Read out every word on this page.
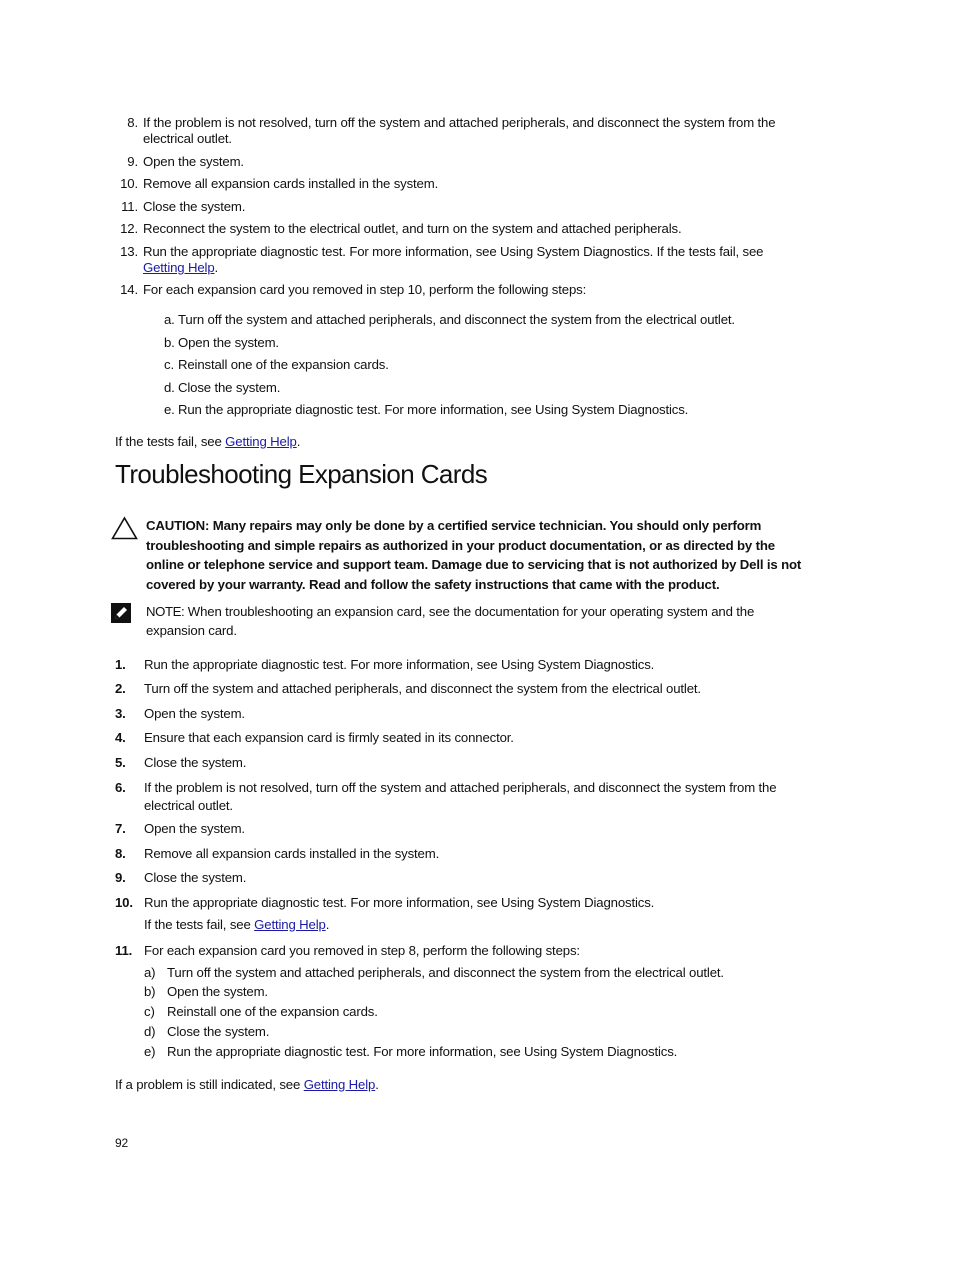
8. If the problem is not resolved, turn off the system and attached peripherals, and disconnect the system from the electrical outlet.
9. Open the system.
10. Remove all expansion cards installed in the system.
11. Close the system.
12. Reconnect the system to the electrical outlet, and turn on the system and attached peripherals.
13. Run the appropriate diagnostic test. For more information, see Using System Diagnostics. If the tests fail, see Getting Help.
14. For each expansion card you removed in step 10, perform the following steps:
a. Turn off the system and attached peripherals, and disconnect the system from the electrical outlet.
b. Open the system.
c. Reinstall one of the expansion cards.
d. Close the system.
e. Run the appropriate diagnostic test. For more information, see Using System Diagnostics.
If the tests fail, see
Getting Help .
Troubleshooting Expansion Cards
CAUTION: Many repairs may only be done by a certified service technician. You should only perform troubleshooting and simple repairs as authorized in your product documentation, or as directed by the online or telephone service and support team. Damage due to servicing that is not authorized by Dell is not covered by your warranty. Read and follow the safety instructions that came with the product.
NOTE: When troubleshooting an expansion card, see the documentation for your operating system and the expansion card.
1.	Run the appropriate diagnostic test. For more information, see Using System Diagnostics.
2.	Turn off the system and attached peripherals, and disconnect the system from the electrical outlet.
3.	Open the system.
4.	Ensure that each expansion card is firmly seated in its connector.
5.	Close the system.
6.	If the problem is not resolved, turn off the system and attached peripherals, and disconnect the system from the electrical outlet.
7.	Open the system.
8.	Remove all expansion cards installed in the system.
9.	Close the system.
10. Run the appropriate diagnostic test. For more information, see Using System Diagnostics.
If the tests fail, see
Getting Help .
11. For each expansion card you removed in step 8, perform the following steps:
a) Turn off the system and attached peripherals, and disconnect the system from the electrical outlet.
b) Open the system.
c) Reinstall one of the expansion cards.
d) Close the system.
e) Run the appropriate diagnostic test. For more information, see Using System Diagnostics.
If a problem is still indicated, see
Getting Help .
92
